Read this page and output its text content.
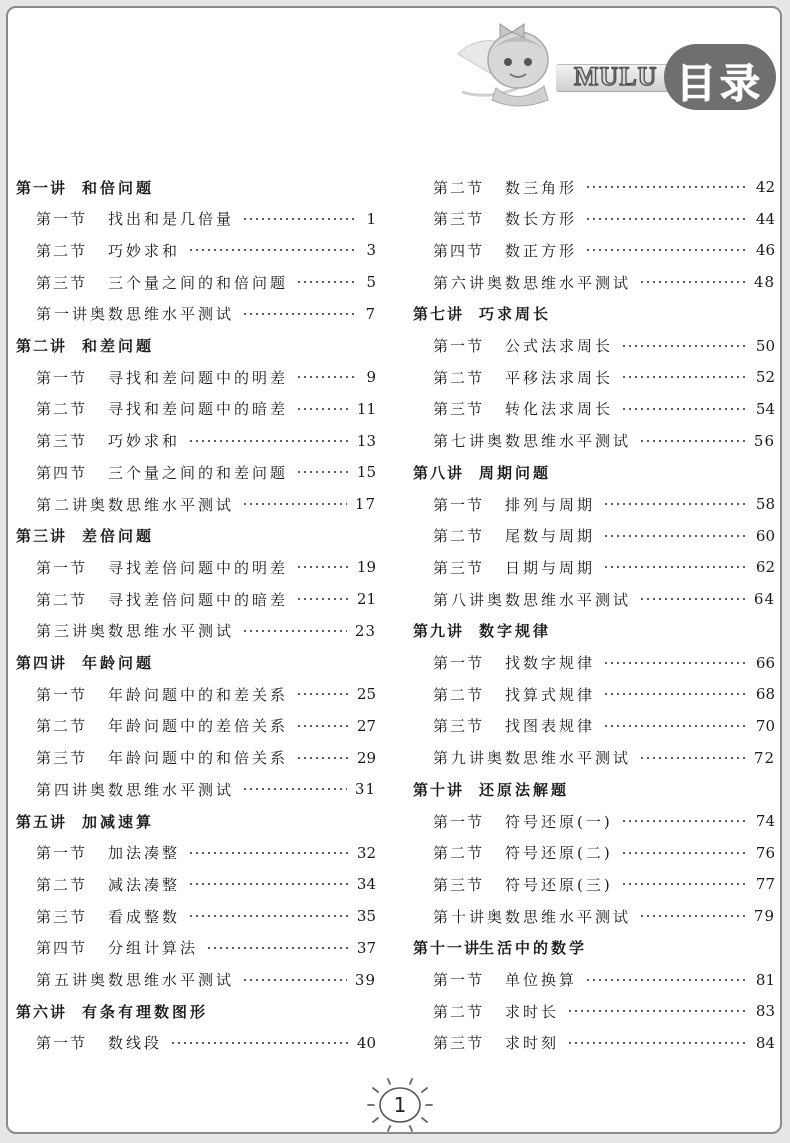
MULU 目录
第一讲 和倍问题
第一节	找出和是几倍量	1
第二节	巧妙求和	3
第三节	三个量之间的和倍问题	5
第一讲奥数思维水平测试	7
第二讲 和差问题
第一节	寻找和差问题中的明差	9
第二节	寻找和差问题中的暗差	11
第三节	巧妙求和	13
第四节	三个量之间的和差问题	15
第二讲奥数思维水平测试	17
第三讲 差倍问题
第一节	寻找差倍问题中的明差	19
第二节	寻找差倍问题中的暗差	21
第三讲奥数思维水平测试	23
第四讲 年龄问题
第一节	年龄问题中的和差关系	25
第二节	年龄问题中的差倍关系	27
第三节	年龄问题中的和倍关系	29
第四讲奥数思维水平测试	31
第五讲 加减速算
第一节	加法凑整	32
第二节	减法凑整	34
第三节	看成整数	35
第四节	分组计算法	37
第五讲奥数思维水平测试	39
第六讲 有条有理数图形
第一节	数线段	40
第二节	数三角形	42
第三节	数长方形	44
第四节	数正方形	46
第六讲奥数思维水平测试	48
第七讲 巧求周长
第一节	公式法求周长	50
第二节	平移法求周长	52
第三节	转化法求周长	54
第七讲奥数思维水平测试	56
第八讲 周期问题
第一节	排列与周期	58
第二节	尾数与周期	60
第三节	日期与周期	62
第八讲奥数思维水平测试	64
第九讲 数字规律
第一节	找数字规律	66
第二节	找算式规律	68
第三节	找图表规律	70
第九讲奥数思维水平测试	72
第十讲 还原法解题
第一节	符号还原(一)	74
第二节	符号还原(二)	76
第三节	符号还原(三)	77
第十讲奥数思维水平测试	79
第十一讲
生活中的数学
第一节	单位换算	81
第二节	求时长	83
第三节	求时刻	84
1
